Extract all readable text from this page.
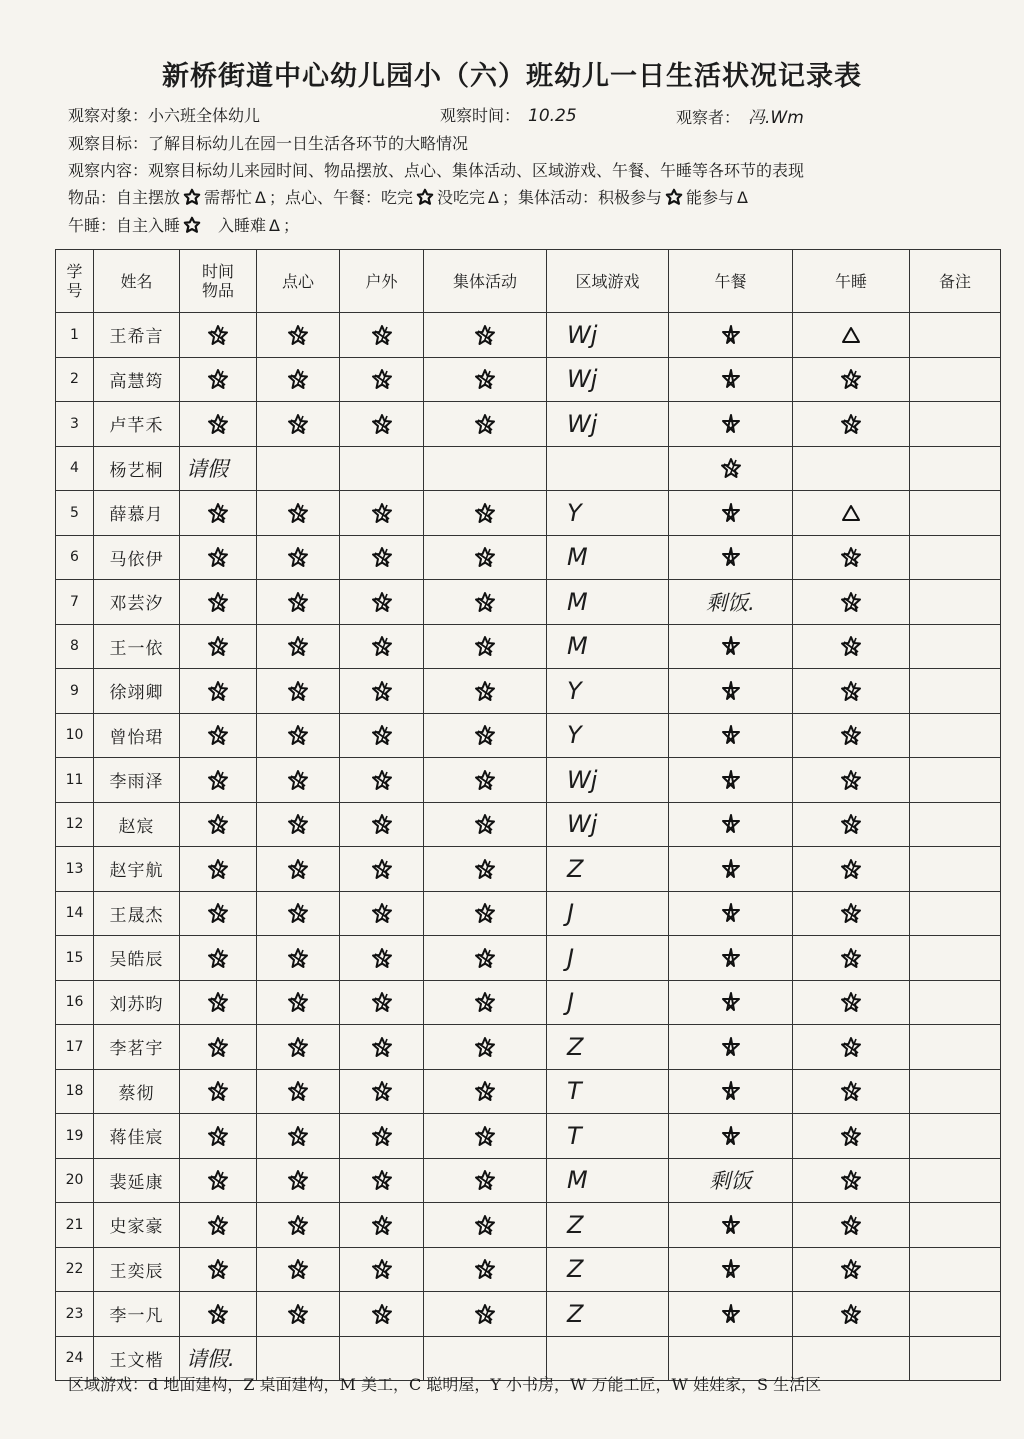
新桥街道中心幼儿园小（六）班幼儿一日生活状况记录表
观察对象：小六班全体幼儿	观察时间： 10.25	观察者： 冯.Wm
观察目标：了解目标幼儿在园一日生活各环节的大略情况
观察内容：观察目标幼儿来园时间、物品摆放、点心、集体活动、区域游戏、午餐、午睡等各环节的表现
物品：自主摆放 需帮忙 Δ ；点心、午餐：吃完 没吃完 Δ ；集体活动：积极参与 能参与 Δ
午睡：自主入睡 入睡难 Δ ；
学号	姓名	时间物品	点心	户外	集体活动	区域游戏	午餐	午睡	备注
1	王希言					Wj			
2	高慧筠					Wj			
3	卢芊禾					Wj			
4	杨艺桐	请假							
5	薛慕月					Y			
6	马依伊					M			
7	邓芸汐					M	剩饭.		
8	王一依					M			
9	徐翊卿					Y			
10	曾怡珺					Y			
11	李雨泽					Wj			
12	赵宸					Wj			
13	赵宇航					Z			
14	王晟杰					J			
15	吴皓辰					J			
16	刘苏昀					J			
17	李茗宇					Z			
18	蔡彻					T			
19	蒋佳宸					T			
20	裴延康					M	剩饭		
21	史家豪					Z			
22	王奕辰					Z			
23	李一凡					Z			
24	王文楷	请假.							
区域游戏：d 地面建构，Z 桌面建构，M 美工，C 聪明屋，Y 小书房，W 万能工匠，W 娃娃家，S 生活区
